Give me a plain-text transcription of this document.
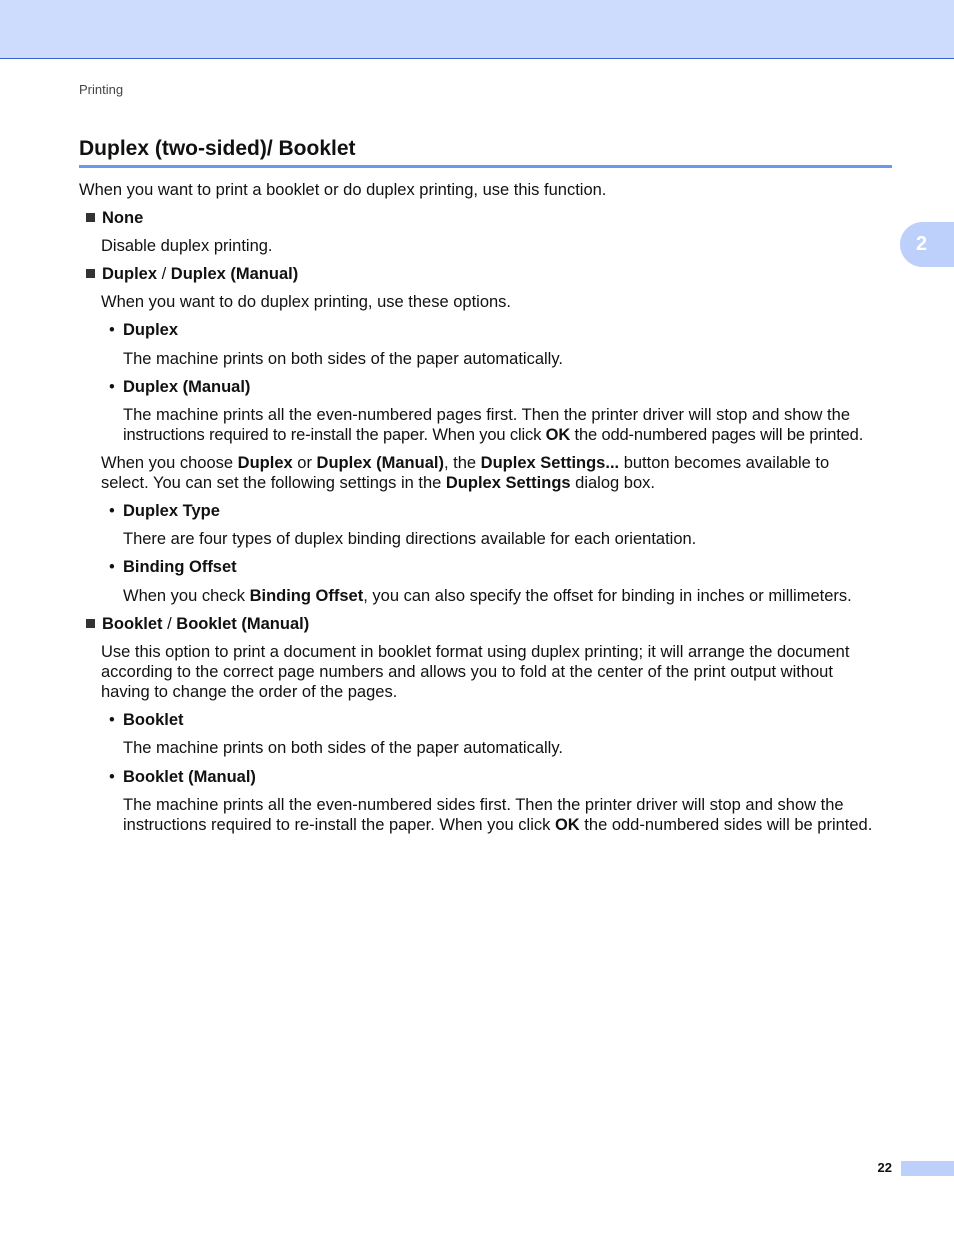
Printing
Duplex (two-sided)/ Booklet
2
When you want to print a booklet or do duplex printing, use this function.
None
Disable duplex printing.
Duplex / Duplex (Manual)
When you want to do duplex printing, use these options.
• Duplex
The machine prints on both sides of the paper automatically.
• Duplex (Manual)
The machine prints all the even-numbered pages first. Then the printer driver will stop and show the
instructions required to re-install the paper. When you click OK the odd-numbered pages will be printed.
When you choose Duplex or Duplex (Manual), the Duplex Settings... button becomes available to
select. You can set the following settings in the Duplex Settings dialog box.
• Duplex Type
There are four types of duplex binding directions available for each orientation.
• Binding Offset
When you check Binding Offset, you can also specify the offset for binding in inches or millimeters.
Booklet / Booklet (Manual)
Use this option to print a document in booklet format using duplex printing; it will arrange the document
according to the correct page numbers and allows you to fold at the center of the print output without
having to change the order of the pages.
• Booklet
The machine prints on both sides of the paper automatically.
• Booklet (Manual)
The machine prints all the even-numbered sides first. Then the printer driver will stop and show the
instructions required to re-install the paper. When you click OK the odd-numbered sides will be printed.
22
